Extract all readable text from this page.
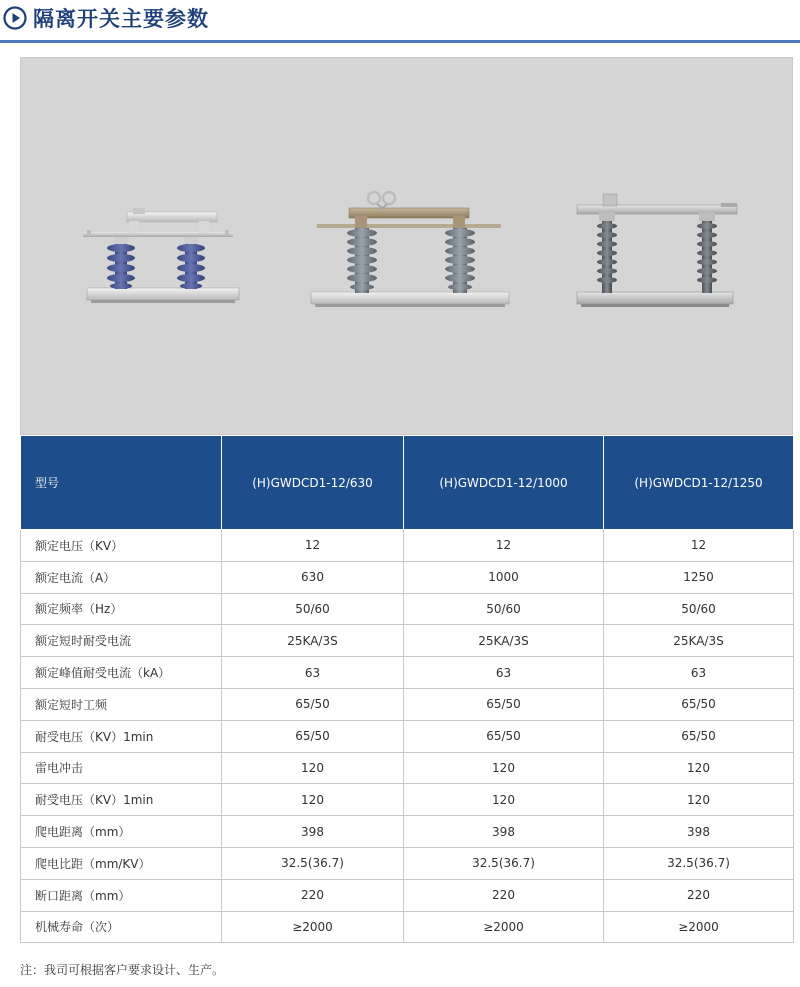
隔离开关主要参数
型号	(H)GWDCD1-12/630	(H)GWDCD1-12/1000	(H)GWDCD1-12/1250
额定电压（KV）	12	12	12
额定电流（A）	630	1000	1250
额定频率（Hz）	50/60	50/60	50/60
额定短时耐受电流	25KA/3S	25KA/3S	25KA/3S
额定峰值耐受电流（kA）	63	63	63
额定短时工频	65/50	65/50	65/50
耐受电压（KV）1min	65/50	65/50	65/50
雷电冲击	120	120	120
耐受电压（KV）1min	120	120	120
爬电距离（mm）	398	398	398
爬电比距（mm/KV）	32.5(36.7)	32.5(36.7)	32.5(36.7)
断口距离（mm）	220	220	220
机械寿命（次）	≥2000	≥2000	≥2000
注：我司可根据客户要求设计、生产。
